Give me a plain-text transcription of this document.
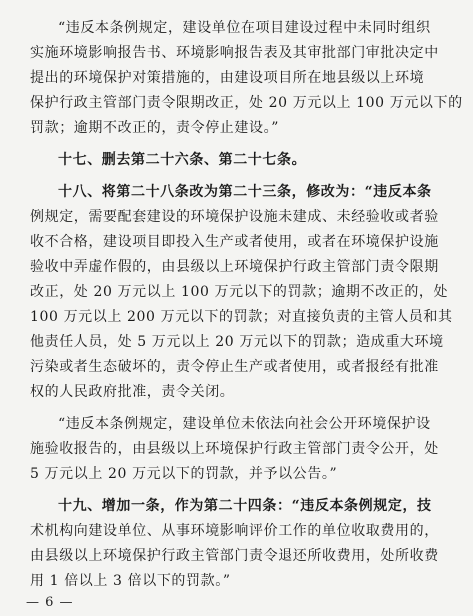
“违反本条例规定，建设单位在项目建设过程中未同时组织
实施环境影响报告书、环境影响报告表及其审批部门审批决定中
提出的环境保护对策措施的，由建设项目所在地县级以上环境
保护行政主管部门责令限期改正，处 20 万元以上 100 万元以下的
罚款；逾期不改正的，责令停止建设。”
十七、删去第二十六条、第二十七条。
十八、将第二十八条改为第二十三条，修改为：“违反本条
例规定，需要配套建设的环境保护设施未建成、未经验收或者验
收不合格，建设项目即投入生产或者使用，或者在环境保护设施
验收中弄虚作假的，由县级以上环境保护行政主管部门责令限期
改正，处 20 万元以上 100 万元以下的罚款；逾期不改正的，处
100 万元以上 200 万元以下的罚款；对直接负责的主管人员和其
他责任人员，处 5 万元以上 20 万元以下的罚款；造成重大环境
污染或者生态破坏的，责令停止生产或者使用，或者报经有批准
权的人民政府批准，责令关闭。
“违反本条例规定，建设单位未依法向社会公开环境保护设
施验收报告的，由县级以上环境保护行政主管部门责令公开，处
5 万元以上 20 万元以下的罚款，并予以公告。”
十九、增加一条，作为第二十四条：“违反本条例规定，技
术机构向建设单位、从事环境影响评价工作的单位收取费用的，
由县级以上环境保护行政主管部门责令退还所收费用，处所收费
用 1 倍以上 3 倍以下的罚款。”
— 6 —
